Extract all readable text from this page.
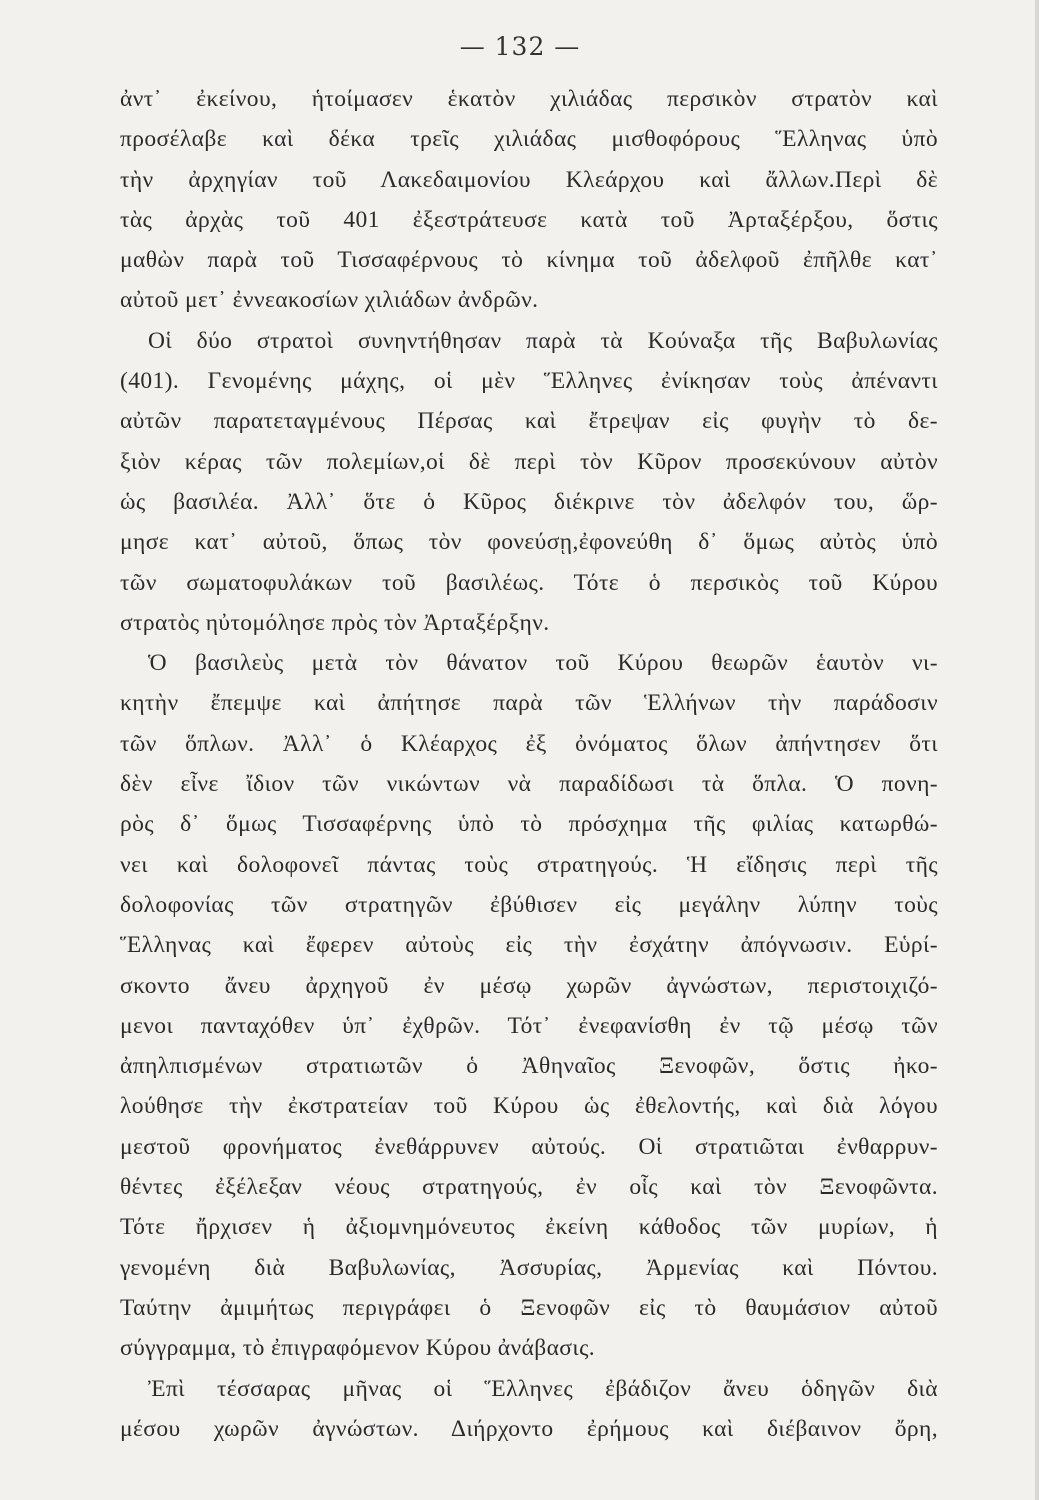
— 132 —
ἀντ᾽ ἐκείνου, ἡτοίμασεν ἑκατὸν χιλιάδας περσικὸν στρατὸν καὶ
προσέλαβε καὶ δέκα τρεῖς χιλιάδας μισθοφόρους Ἕλληνας ὑπὸ
τὴν ἀρχηγίαν τοῦ Λακεδαιμονίου Κλεάρχου καὶ ἄλλων.Περὶ δὲ
τὰς ἀρχὰς τοῦ 401 ἐξεστράτευσε κατὰ τοῦ Ἀρταξέρξου, ὅστις
μαθὼν παρὰ τοῦ Τισσαφέρνους τὸ κίνημα τοῦ ἀδελφοῦ ἐπῆλθε κατ᾽
αὐτοῦ μετ᾽ ἐννεακοσίων χιλιάδων ἀνδρῶν.
Οἱ δύο στρατοὶ συνηντήθησαν παρὰ τὰ Κούναξα τῆς Βαβυλωνίας
(401). Γενομένης μάχης, οἱ μὲν Ἕλληνες ἐνίκησαν τοὺς ἀπέναντι
αὐτῶν παρατεταγμένους Πέρσας καὶ ἔτρεψαν εἰς φυγὴν τὸ δε-
ξιὸν κέρας τῶν πολεμίων,οἱ δὲ περὶ τὸν Κῦρον προσεκύνουν αὐτὸν
ὡς βασιλέα. Ἀλλ᾽ ὅτε ὁ Κῦρος διέκρινε τὸν ἀδελφόν του, ὥρ-
μησε κατ᾽ αὐτοῦ, ὅπως τὸν φονεύσῃ,ἐφονεύθη δ᾽ ὅμως αὐτὸς ὑπὸ
τῶν σωματοφυλάκων τοῦ βασιλέως. Τότε ὁ περσικὸς τοῦ Κύρου
στρατὸς ηὐτομόλησε πρὸς τὸν Ἀρταξέρξην.
Ὁ βασιλεὺς μετὰ τὸν θάνατον τοῦ Κύρου θεωρῶν ἑαυτὸν νι-
κητὴν ἔπεμψε καὶ ἀπήτησε παρὰ τῶν Ἑλλήνων τὴν παράδοσιν
τῶν ὅπλων. Ἀλλ᾽ ὁ Κλέαρχος ἐξ ὀνόματος ὅλων ἀπήντησεν ὅτι
δὲν εἶνε ἴδιον τῶν νικώντων νὰ παραδίδωσι τὰ ὅπλα. Ὁ πονη-
ρὸς δ᾽ ὅμως Τισσαφέρνης ὑπὸ τὸ πρόσχημα τῆς φιλίας κατωρθώ-
νει καὶ δολοφονεῖ πάντας τοὺς στρατηγούς. Ἡ εἴδησις περὶ τῆς
δολοφονίας τῶν στρατηγῶν ἐβύθισεν εἰς μεγάλην λύπην τοὺς
Ἕλληνας καὶ ἔφερεν αὐτοὺς εἰς τὴν ἐσχάτην ἀπόγνωσιν. Εὑρί-
σκοντο ἄνευ ἀρχηγοῦ ἐν μέσῳ χωρῶν ἀγνώστων, περιστοιχιζό-
μενοι πανταχόθεν ὑπ᾽ ἐχθρῶν. Τότ᾽ ἐνεφανίσθη ἐν τῷ μέσῳ τῶν
ἀπηλπισμένων στρατιωτῶν ὁ Ἀθηναῖος Ξενοφῶν, ὅστις ἠκο-
λούθησε τὴν ἐκστρατείαν τοῦ Κύρου ὡς ἐθελοντής, καὶ διὰ λόγου
μεστοῦ φρονήματος ἐνεθάρρυνεν αὐτούς. Οἱ στρατιῶται ἐνθαρρυν-
θέντες ἐξέλεξαν νέους στρατηγούς, ἐν οἷς καὶ τὸν Ξενοφῶντα.
Τότε ἤρχισεν ἡ ἀξιομνημόνευτος ἐκείνη κάθοδος τῶν μυρίων, ἡ
γενομένη διὰ Βαβυλωνίας, Ἀσσυρίας, Ἀρμενίας καὶ Πόντου.
Ταύτην ἀμιμήτως περιγράφει ὁ Ξενοφῶν εἰς τὸ θαυμάσιον αὐτοῦ
σύγγραμμα, τὸ ἐπιγραφόμενον Κύρου ἀνάβασις.
Ἐπὶ τέσσαρας μῆνας οἱ Ἕλληνες ἐβάδιζον ἄνευ ὁδηγῶν διὰ
μέσου χωρῶν ἀγνώστων. Διήρχοντο ἐρήμους καὶ διέβαινον ὄρη,
